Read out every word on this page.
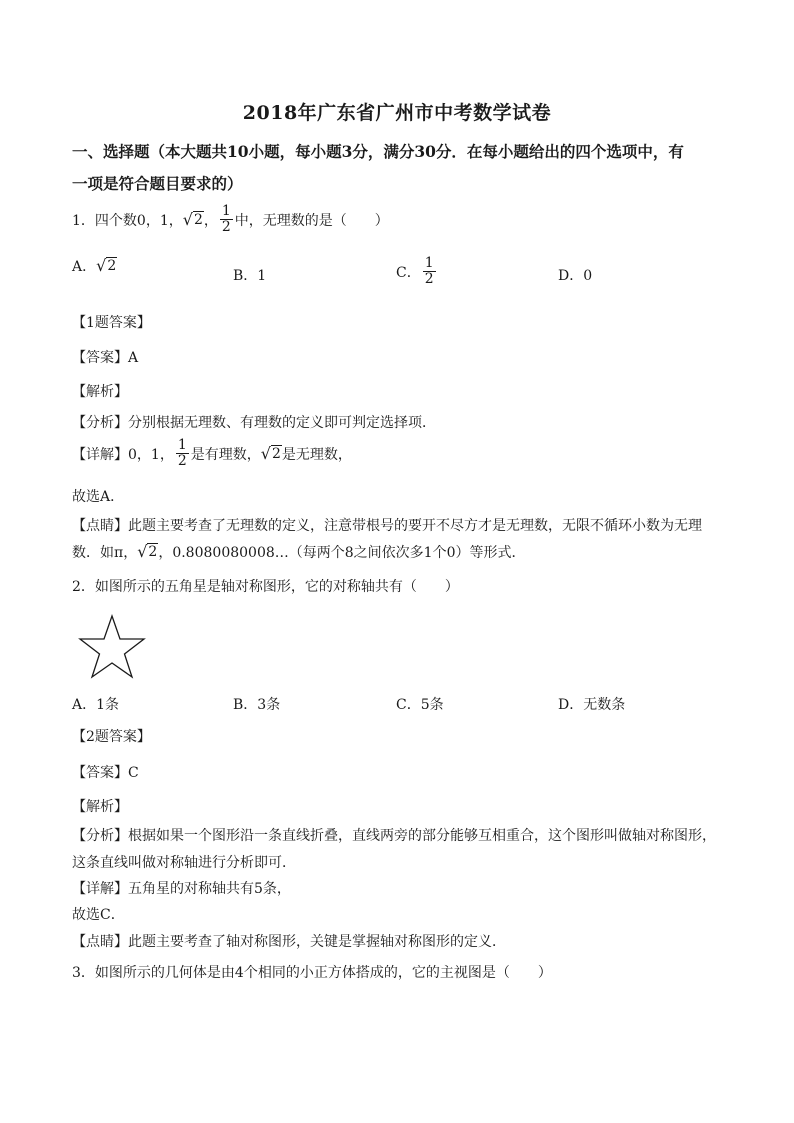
2018年广东省广州市中考数学试卷
一、选择题（本大题共10小题，每小题3分，满分30分．在每小题给出的四个选项中，有
一项是符合题目要求的）
1．四个数0，1， √ 2 ， $\frac{1}{2}$ 中，无理数的是（　　）
A． √ 2
B．1	C． $\frac{1}{2}$	D．0
【1题答案】
【答案】A
【解析】
【分析】分别根据无理数、有理数的定义即可判定选择项．
【详解】 0，1， $\frac{1}{2}$ 是有理数， √ 2 是无理数，
故选A．
【点睛】此题主要考查了无理数的定义，注意带根号的要开不尽方才是无理数，无限不循环小数为无理
数．如π， √ 2 ，0.8080080008…（每两个8之间依次多1个0）等形式．
2．如图所示的五角星是轴对称图形，它的对称轴共有（　　）
A．1条	B．3条	C．5条	D．无数条
【2题答案】
【答案】C
【解析】
【分析】根据如果一个图形沿一条直线折叠，直线两旁的部分能够互相重合，这个图形叫做轴对称图形，
这条直线叫做对称轴进行分析即可．
【详解】五角星的对称轴共有5条，
故选C．
【点睛】此题主要考查了轴对称图形，关键是掌握轴对称图形的定义．
3．如图所示的几何体是由4个相同的小正方体搭成的，它的主视图是（　　）
